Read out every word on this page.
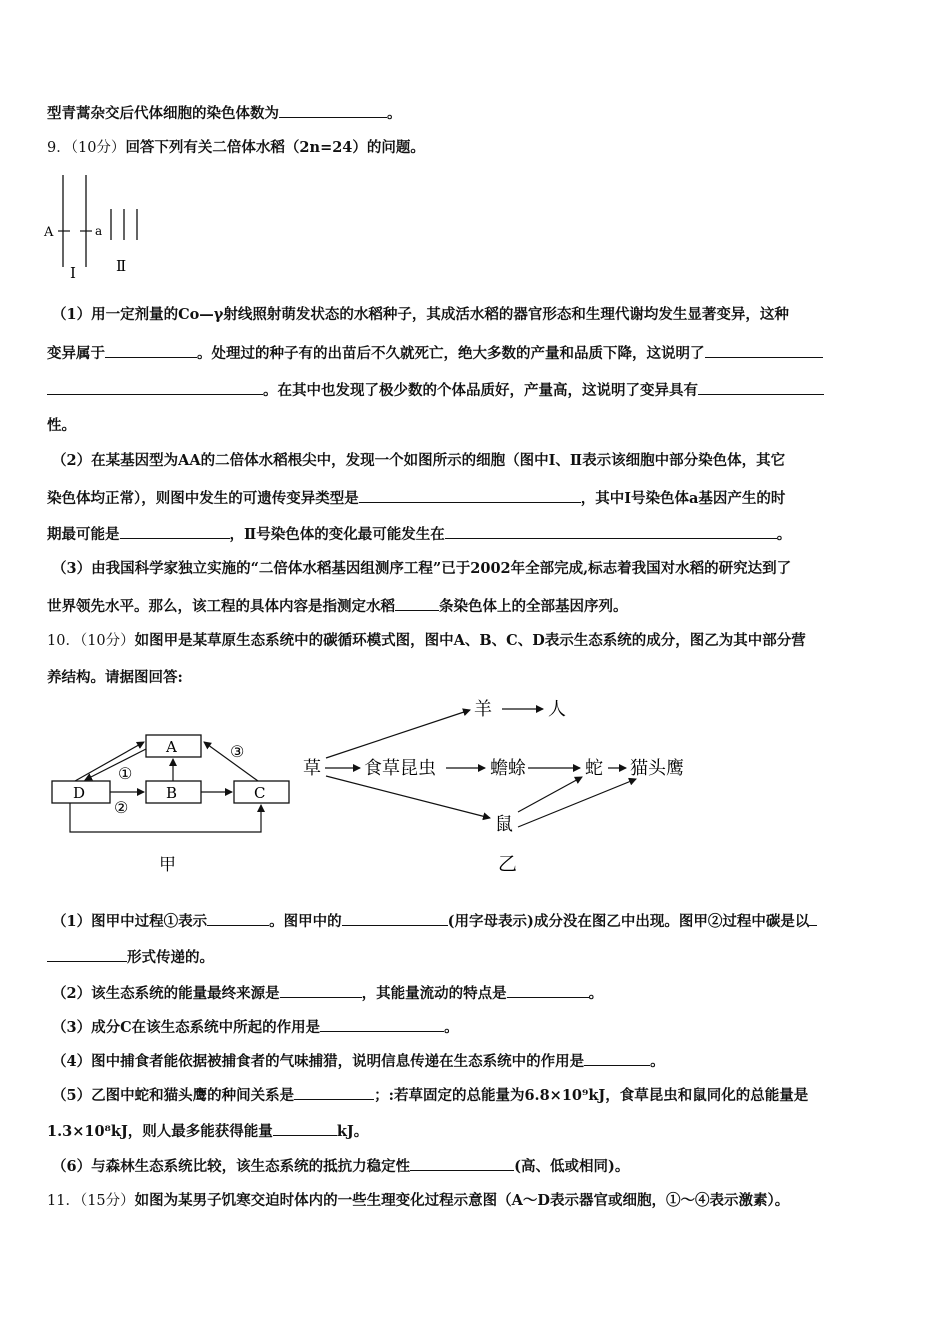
型青蒿杂交后代体细胞的染色体数为	。
9．（10分）回答下列有关二倍体水稻（2n=24）的问题。
A	a
Ⅰ	Ⅱ
（1）用一定剂量的Co—γ射线照射萌发状态的水稻种子，其成活水稻的器官形态和生理代谢均发生显著变异，这种
变异属于	。处理过的种子有的出苗后不久就死亡，绝大多数的产量和品质下降，这说明了
。在其中也发现了极少数的个体品质好，产量高，这说明了变异具有
性。
（2）在某基因型为AA的二倍体水稻根尖中，发现一个如图所示的细胞（图中Ⅰ、Ⅱ表示该细胞中部分染色体，其它
染色体均正常），则图中发生的可遗传变异类型是	，其中Ⅰ号染色体a基因产生的时
期最可能是	，Ⅱ号染色体的变化最可能发生在	。
（3）由我国科学家独立实施的“二倍体水稻基因组测序工程”已于2002年全部完成,标志着我国对水稻的研究达到了
世界领先水平。那么，该工程的具体内容是指测定水稻	条染色体上的全部基因序列。
10．（10分）如图甲是某草原生态系统中的碳循环模式图，图中A、B、C、D表示生态系统的成分，图乙为其中部分营
养结构。请据图回答:
A
D	B	C
①
②
③
甲
草 食草昆虫	蟾蜍	蛇 猫头鹰
羊	人
鼠
乙
（1）图甲中过程①表示	。图甲中的	(用字母表示)成分没在图乙中出现。图甲②过程中碳是以
形式传递的。
（2）该生态系统的能量最终来源是	，其能量流动的特点是	。
（3）成分C在该生态系统中所起的作用是	。
（4）图中捕食者能依据被捕食者的气味捕猎，说明信息传递在生态系统中的作用是	。
（5）乙图中蛇和猫头鹰的种间关系是	；:若草固定的总能量为6.8×10⁹kJ，食草昆虫和鼠同化的总能量是
1.3×10⁸kJ，则人最多能获得能量	kJ。
（6）与森林生态系统比较，该生态系统的抵抗力稳定性	(高、低或相同)。
11．（15分）如图为某男子饥寒交迫时体内的一些生理变化过程示意图（A～D表示器官或细胞，①～④表示激素）。
